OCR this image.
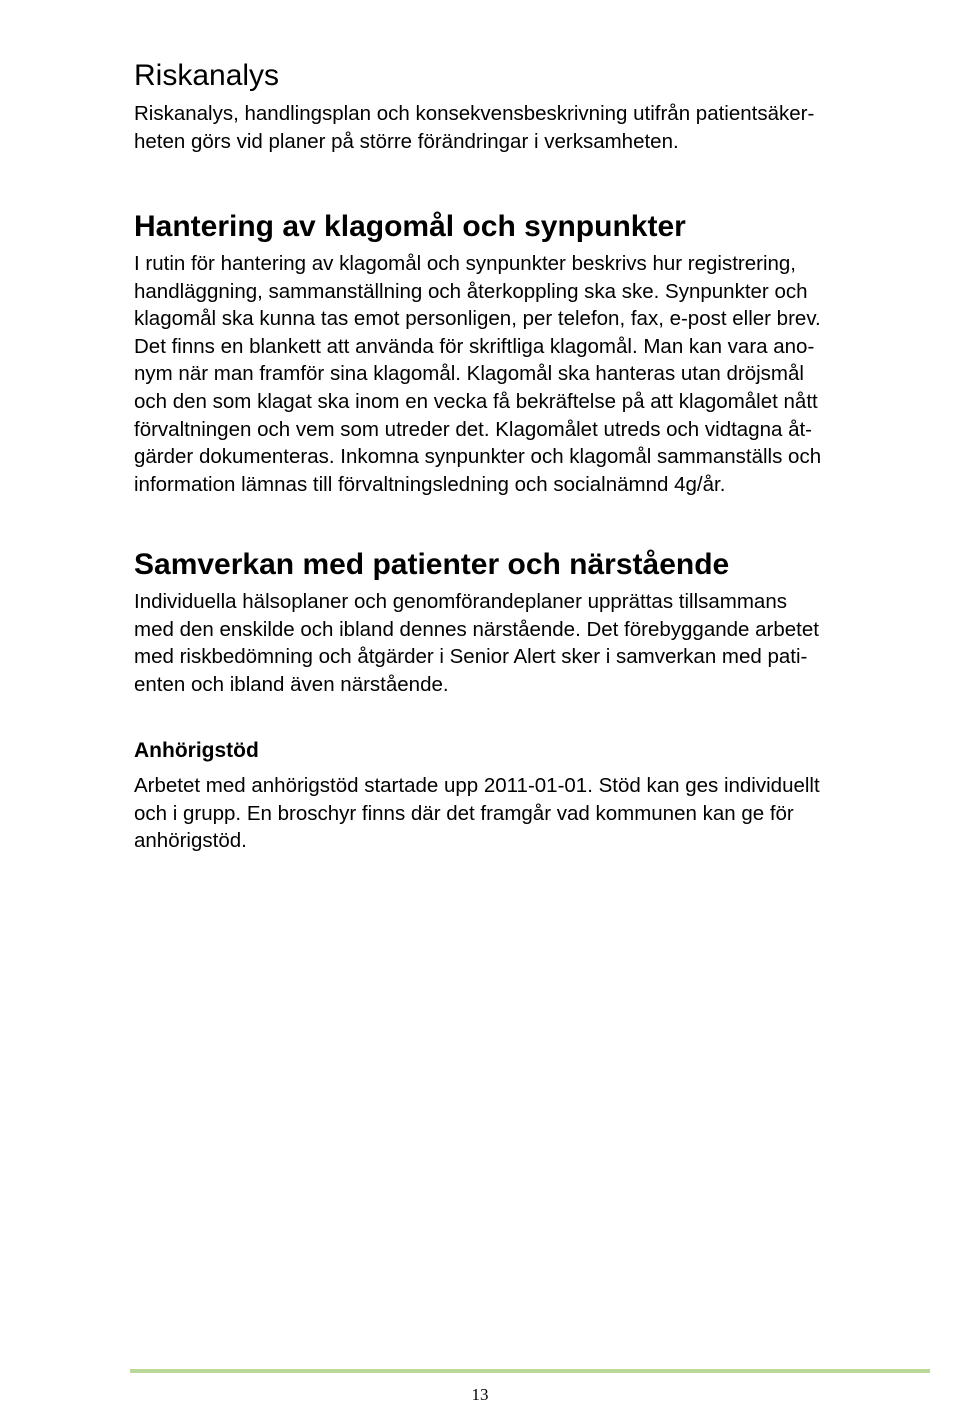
Riskanalys
Riskanalys, handlingsplan och konsekvensbeskrivning utifrån patientsäker-
heten görs vid planer på större förändringar i verksamheten.
Hantering av klagomål och synpunkter
I rutin för hantering av klagomål och synpunkter beskrivs hur registrering,
handläggning, sammanställning och återkoppling ska ske. Synpunkter och
klagomål ska kunna tas emot personligen, per telefon, fax, e-post eller brev.
Det finns en blankett att använda för skriftliga klagomål. Man kan vara ano-
nym när man framför sina klagomål. Klagomål ska hanteras utan dröjsmål
och den som klagat ska inom en vecka få bekräftelse på att klagomålet nått
förvaltningen och vem som utreder det. Klagomålet utreds och vidtagna åt-
gärder dokumenteras. Inkomna synpunkter och klagomål sammanställs och
information lämnas till förvaltningsledning och socialnämnd 4g/år.
Samverkan med patienter och närstående
Individuella hälsoplaner och genomförandeplaner upprättas tillsammans
med den enskilde och ibland dennes närstående. Det förebyggande arbetet
med riskbedömning och åtgärder i Senior Alert sker i samverkan med pati-
enten och ibland även närstående.
Anhörigstöd
Arbetet med anhörigstöd startade upp 2011-01-01. Stöd kan ges individuellt
och i grupp. En broschyr finns där det framgår vad kommunen kan ge för
anhörigstöd.
13
